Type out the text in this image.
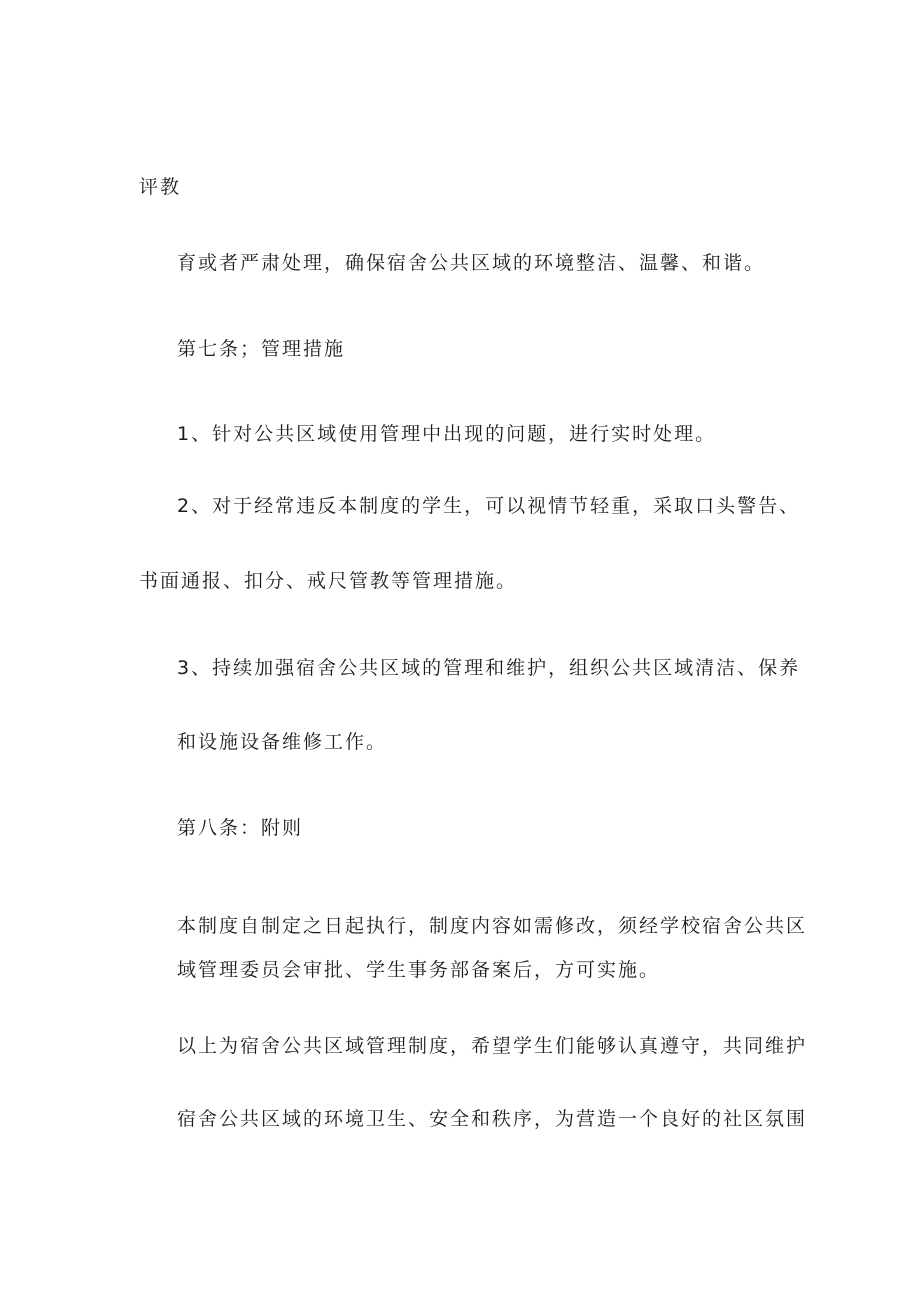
评教
育或者严肃处理，确保宿舍公共区域的环境整洁、温馨、和谐。
第七条；管理措施
1、针对公共区域使用管理中出现的问题，进行实时处理。
2、对于经常违反本制度的学生，可以视情节轻重，采取口头警告、
书面通报、扣分、戒尺管教等管理措施。
3、持续加强宿舍公共区域的管理和维护，组织公共区域清洁、保养
和设施设备维修工作。
第八条：附则
本制度自制定之日起执行，制度内容如需修改，须经学校宿舍公共区
域管理委员会审批、学生事务部备案后，方可实施。
以上为宿舍公共区域管理制度，希望学生们能够认真遵守，共同维护
宿舍公共区域的环境卫生、安全和秩序，为营造一个良好的社区氛围
